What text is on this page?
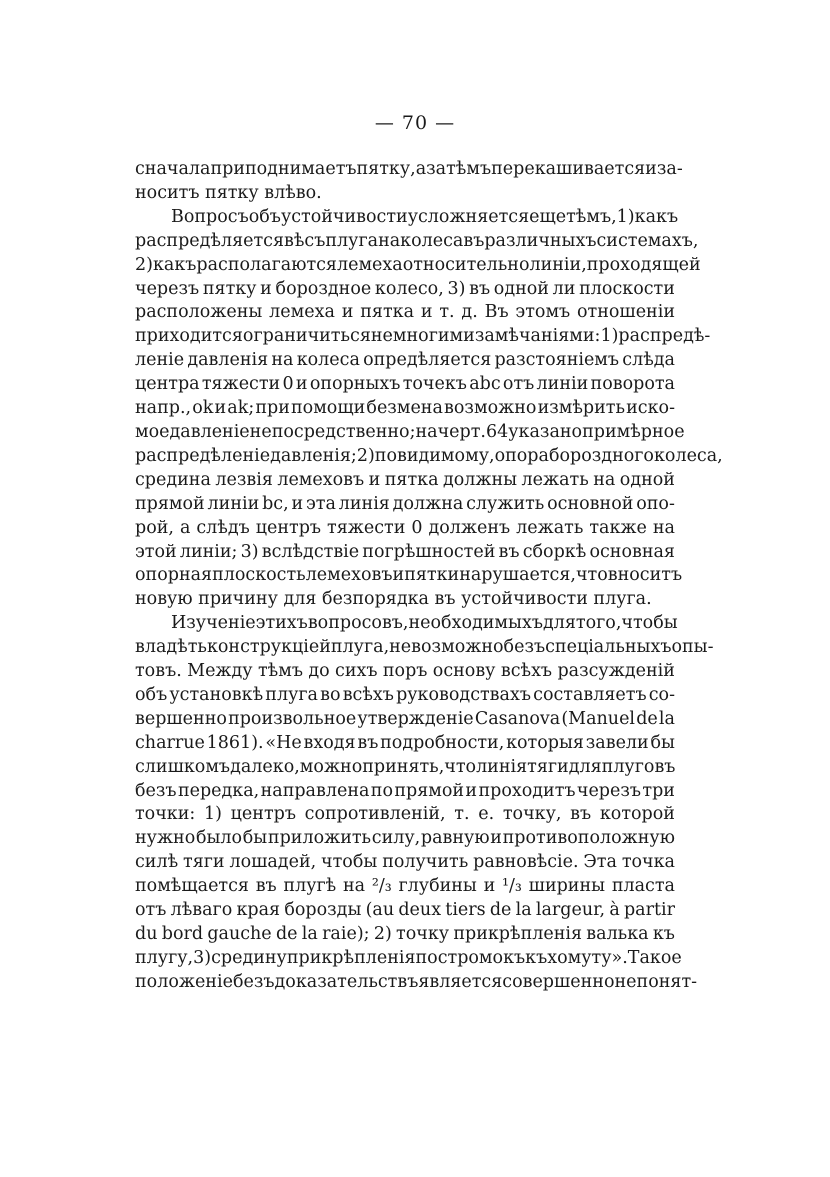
— 70 —
сначала приподнимаетъ пятку, а затѣмъ перекашивается и за-
носитъ пятку влѣво.
Вопросъ объ устойчивости усложняется еще тѣмъ, 1) какъ
распредѣляется вѣсъ плуга на колеса въ различныхъ системахъ,
2) какъ располагаются лемеха относительно линіи, проходящей
черезъ пятку и бороздное колесо, 3) въ одной ли плоскости
расположены лемеха и пятка и т. д. Въ этомъ отношеніи
приходится ограничиться немногими замѣчаніями: 1) распредѣ-
леніе давленія на колеса опредѣляется разстояніемъ слѣда
центра тяжести 0 и опорныхъ точекъ abc отъ линіи поворота
напр., ok и ak; при помощи безмена возможно измѣрить иско-
мое давленіе непосредственно; на черт. 64 указано примѣрное
распредѣленіе давленія; 2) повидимому, опора бороздного колеса,
средина лезвія лемеховъ и пятка должны лежать на одной
прямой линіи bc, и эта линія должна служить основной опо-
рой, а слѣдъ центръ тяжести 0 долженъ лежать также на
этой линіи; 3) вслѣдствіе погрѣшностей въ сборкѣ основная
опорная плоскость лемеховъ и пятки нарушается, что вноситъ
новую причину для безпорядка въ устойчивости плуга.
Изученіе этихъ вопросовъ, необходимыхъ для того, чтобы
владѣть конструкціей плуга, невозможно безъ спеціальныхъ опы-
товъ. Между тѣмъ до сихъ поръ основу всѣхъ разсужденій
объ установкѣ плуга во всѣхъ руководствахъ составляетъ со-
вершенно произвольное утвержденіе Casanova (Manuel de la
charrue 1861). «Не входя въ подробности, которыя завели бы
слишкомъ далеко, можно принять, что линія тяги для плуговъ
безъ передка, направлена по прямой и проходитъ черезъ три
точки: 1) центръ сопротивленій, т. е. точку, въ которой
нужно было бы приложить силу, равную и противоположную
силѣ тяги лошадей, чтобы получить равновѣсіе. Эта точка
помѣщается въ плугѣ на ²/₃ глубины и ¹/₃ ширины пласта
отъ лѣваго края борозды (au deux tiers de la largeur, à partir
du bord gauche de la raie); 2) точку прикрѣпленія валька къ
плугу, 3) средину прикрѣпленія постромокъ къ хомуту». Такое
положеніе безъ доказательствъ является совершенно непонят-
